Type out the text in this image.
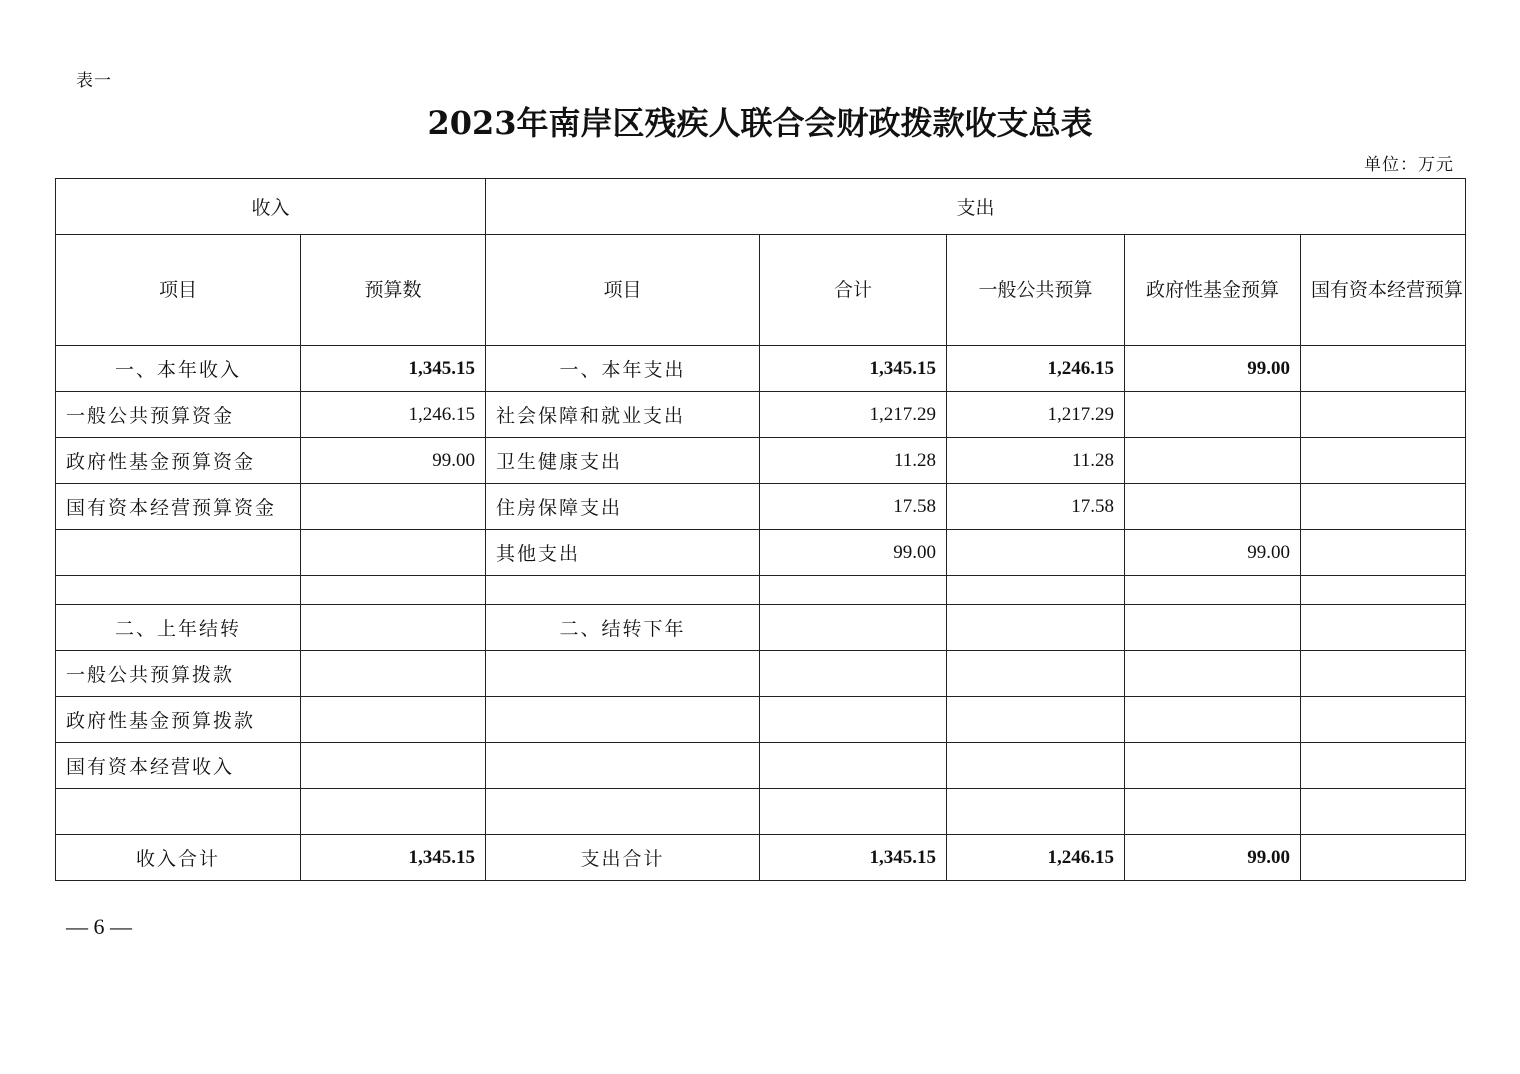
表一
2023年南岸区残疾人联合会财政拨款收支总表
单位：万元
收入		支出				
项目	预算数	项目	合计	一般公共预算	政府性基金预算	国有资本经营预算
一、本年收入	1,345.15	一、本年支出	1,345.15	1,246.15	99.00	
一般公共预算资金	1,246.15	社会保障和就业支出	1,217.29	1,217.29		
政府性基金预算资金	99.00	卫生健康支出	11.28	11.28		
国有资本经营预算资金		住房保障支出	17.58	17.58		
		其他支出	99.00		99.00	

二、上年结转		二、结转下年				
一般公共预算拨款						
政府性基金预算拨款						
国有资本经营收入						

收入合计	1,345.15	支出合计	1,345.15	1,246.15	99.00	
— 6 —
